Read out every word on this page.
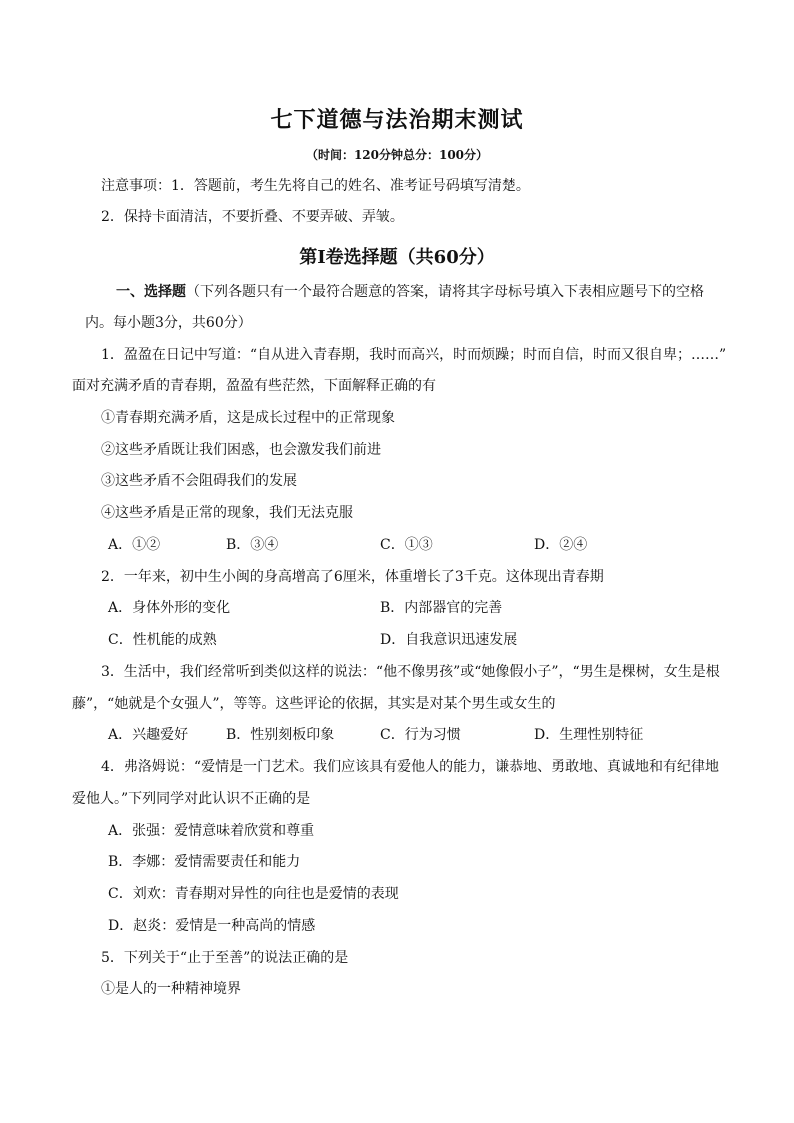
七下道德与法治期末测试
（时间：120分钟总分：100分）
注意事项：1．答题前，考生先将自己的姓名、准考证号码填写清楚。
2．保持卡面清洁，不要折叠、不要弄破、弄皱。
第Ⅰ卷选择题（共60分）
一、选择题（下列各题只有一个最符合题意的答案，请将其字母标号填入下表相应题号下的空格
内。每小题3分，共60分）
1．盈盈在日记中写道：“自从进入青春期，我时而高兴，时而烦躁；时而自信，时而又很自卑；……”
面对充满矛盾的青春期，盈盈有些茫然，下面解释正确的有
①青春期充满矛盾，这是成长过程中的正常现象
②这些矛盾既让我们困惑，也会激发我们前进
③这些矛盾不会阻碍我们的发展
④这些矛盾是正常的现象，我们无法克服
A．①②	B．③④	C．①③	D．②④
2．一年来，初中生小闽的身高增高了6厘米，体重增长了3千克。这体现出青春期
A．身体外形的变化	B．内部器官的完善
C．性机能的成熟	D．自我意识迅速发展
3．生活中，我们经常听到类似这样的说法：“他不像男孩”或“她像假小子”，“男生是棵树，女生是根
藤”，“她就是个女强人”，等等。这些评论的依据，其实是对某个男生或女生的
A．兴趣爱好	B．性别刻板印象	C．行为习惯	D．生理性别特征
4．弗洛姆说：“爱情是一门艺术。我们应该具有爱他人的能力，谦恭地、勇敢地、真诚地和有纪律地
爱他人。”下列同学对此认识不正确的是
A．张强：爱情意味着欣赏和尊重
B．李娜：爱情需要责任和能力
C．刘欢：青春期对异性的向往也是爱情的表现
D．赵炎：爱情是一种高尚的情感
5．下列关于“止于至善”的说法正确的是
①是人的一种精神境界
